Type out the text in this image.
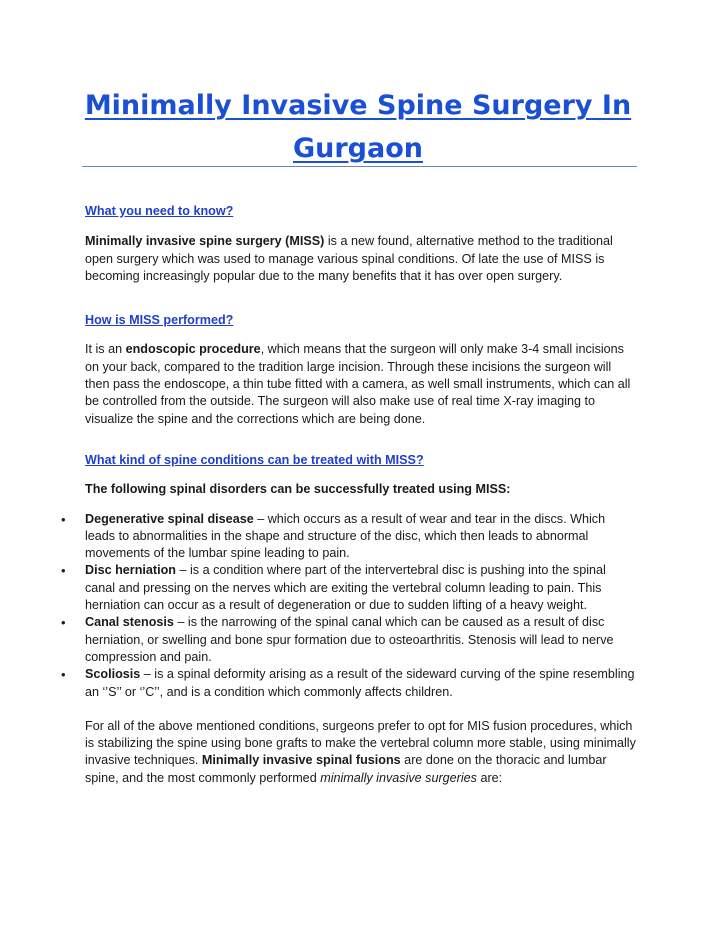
Minimally Invasive Spine Surgery In
Gurgaon

What you need to know?

Minimally invasive spine surgery (MISS) is a new found, alternative method to the traditional open surgery which was used to manage various spinal conditions. Of late the use of MISS is becoming increasingly popular due to the many benefits that it has over open surgery.

How is MISS performed?

It is an endoscopic procedure, which means that the surgeon will only make 3-4 small incisions on your back, compared to the tradition large incision. Through these incisions the surgeon will then pass the endoscope, a thin tube fitted with a camera, as well small instruments, which can all be controlled from the outside. The surgeon will also make use of real time X-ray imaging to visualize the spine and the corrections which are being done.

What kind of spine conditions can be treated with MISS?

The following spinal disorders can be successfully treated using MISS:

• Degenerative spinal disease – which occurs as a result of wear and tear in the discs. Which leads to abnormalities in the shape and structure of the disc, which then leads to abnormal movements of the lumbar spine leading to pain.
• Disc herniation – is a condition where part of the intervertebral disc is pushing into the spinal canal and pressing on the nerves which are exiting the vertebral column leading to pain. This herniation can occur as a result of degeneration or due to sudden lifting of a heavy weight.
• Canal stenosis – is the narrowing of the spinal canal which can be caused as a result of disc herniation, or swelling and bone spur formation due to osteoarthritis. Stenosis will lead to nerve compression and pain.
• Scoliosis – is a spinal deformity arising as a result of the sideward curving of the spine resembling an ‘’S’’ or ‘’C’’, and is a condition which commonly affects children.

For all of the above mentioned conditions, surgeons prefer to opt for MIS fusion procedures, which is stabilizing the spine using bone grafts to make the vertebral column more stable, using minimally invasive techniques. Minimally invasive spinal fusions are done on the thoracic and lumbar spine, and the most commonly performed minimally invasive surgeries are:
